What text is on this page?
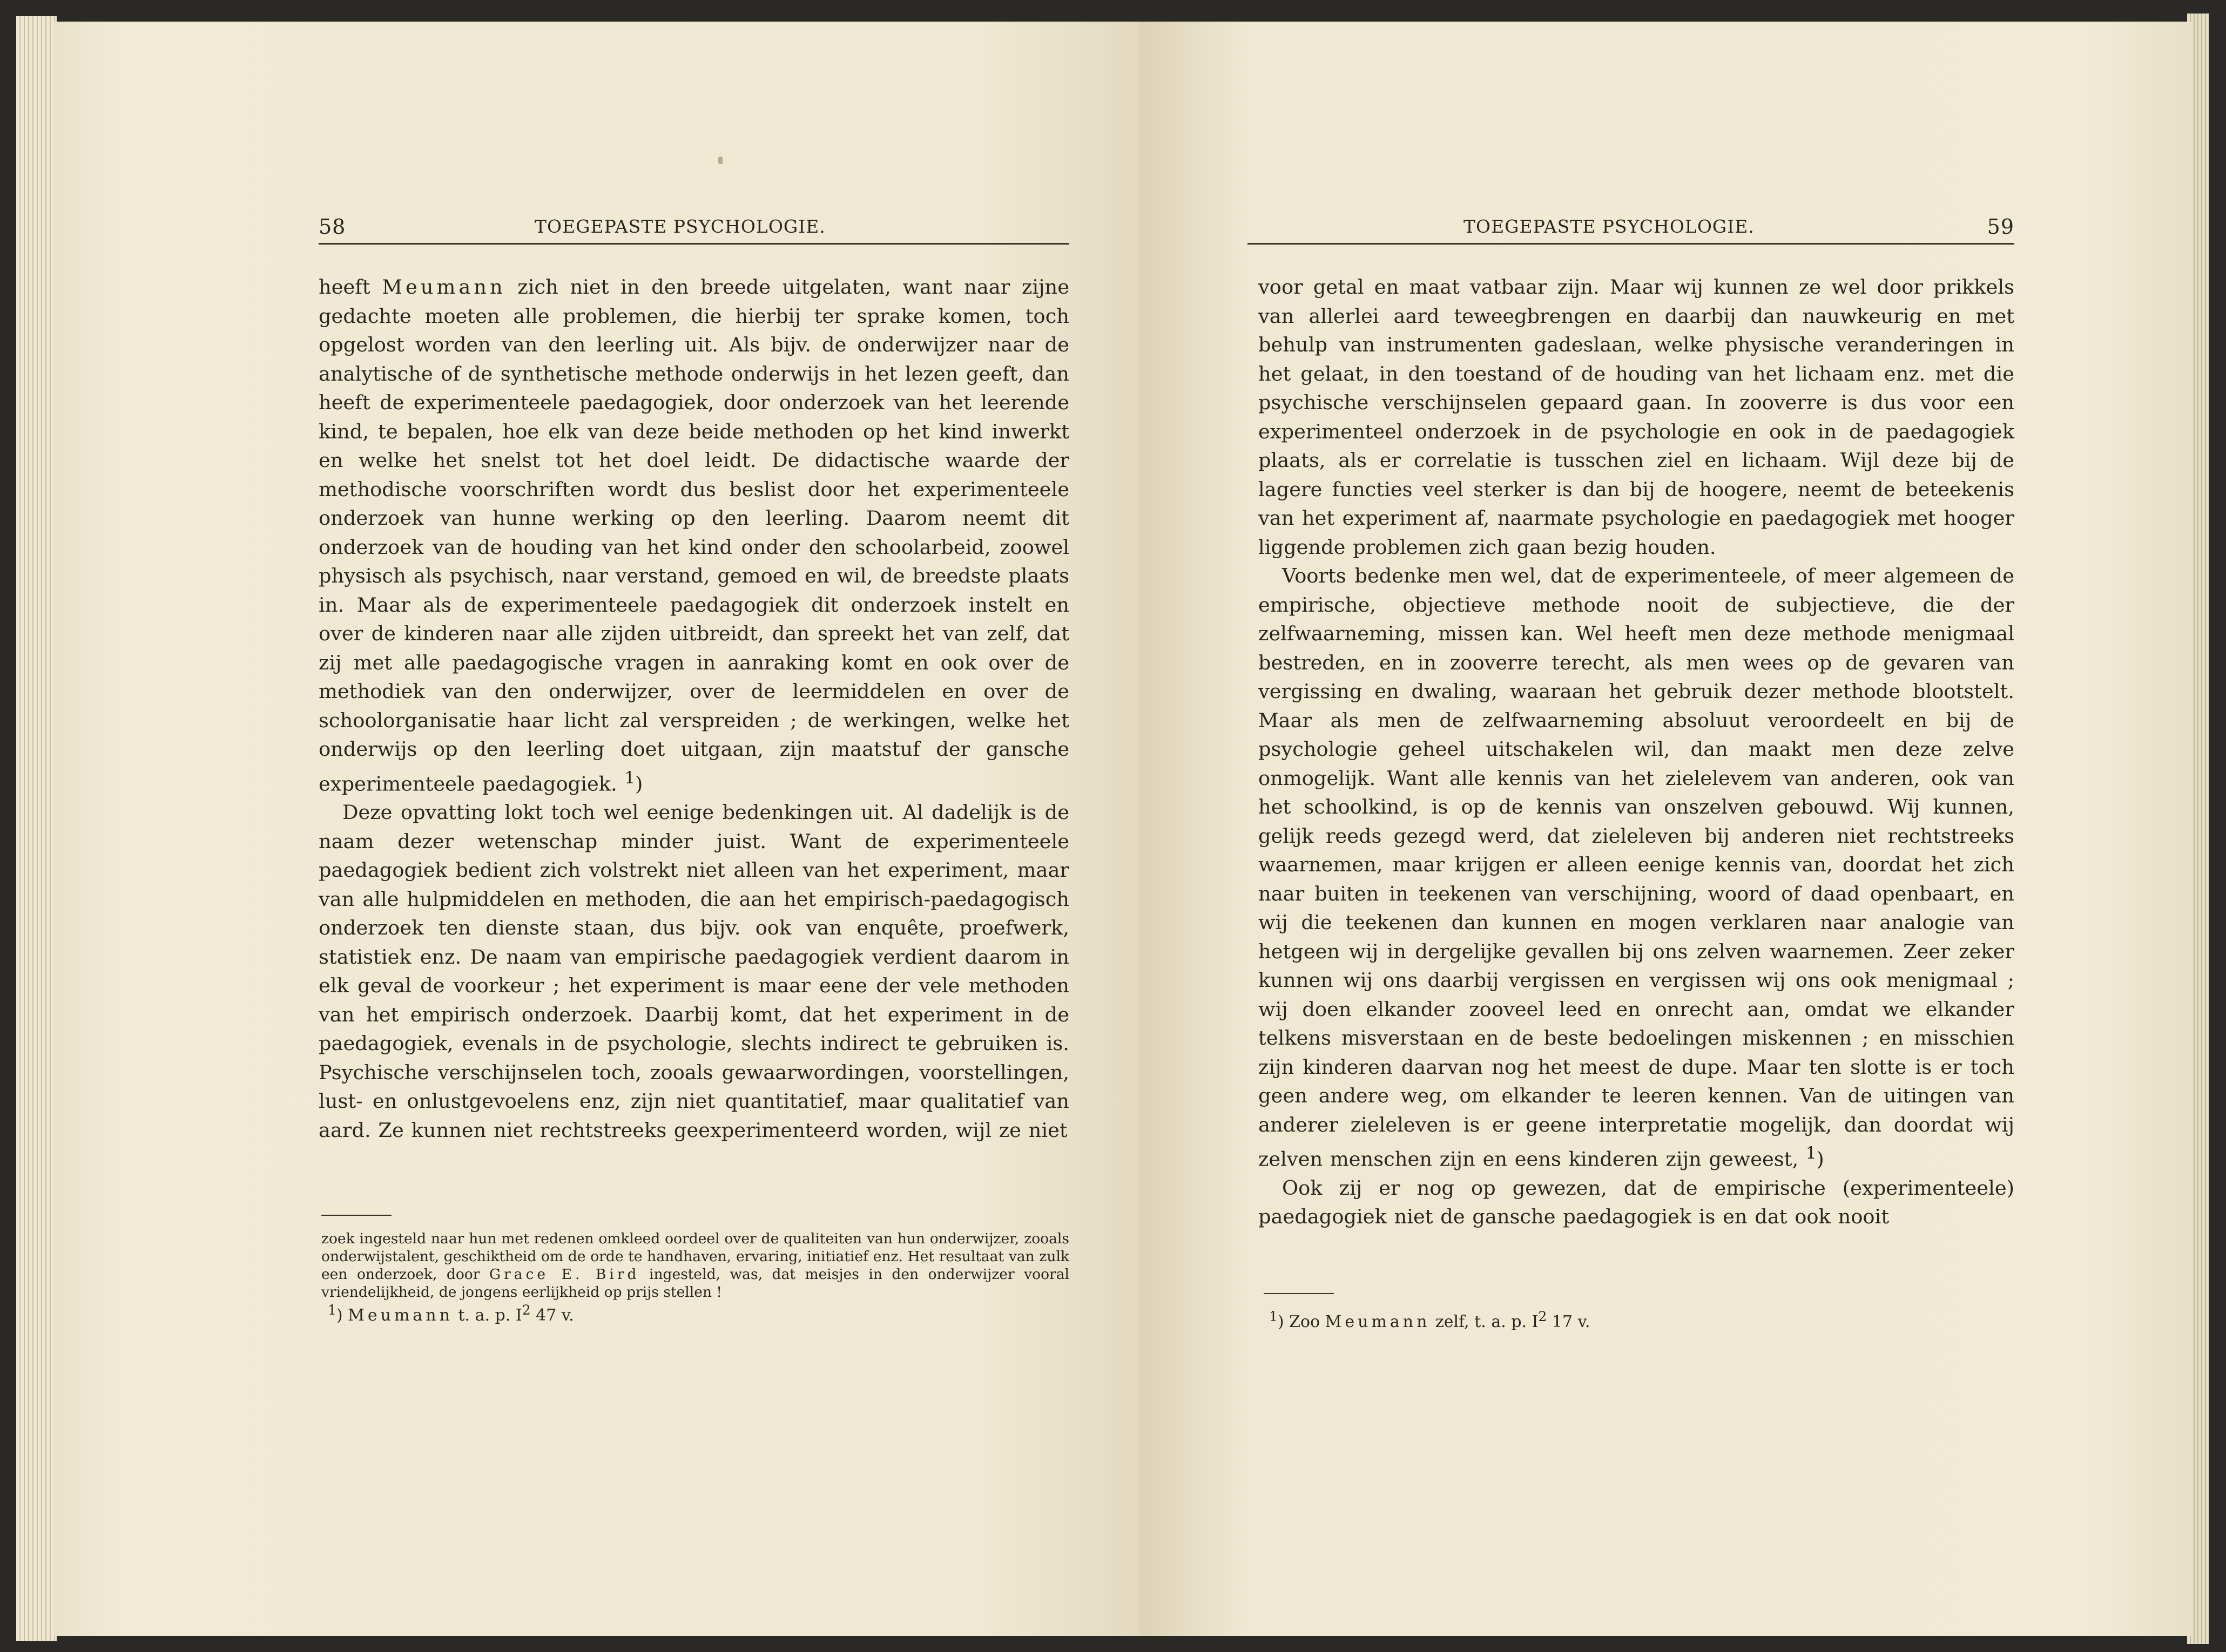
58	TOEGEPASTE PSYCHOLOGIE.

heeft Meumann zich niet in den breede uitgelaten, want naar zijne gedachte moeten alle problemen, die hierbij ter sprake komen, toch opgelost worden van den leerling uit. Als bijv. de onderwijzer naar de analytische of de synthetische methode onderwijs in het lezen geeft, dan heeft de experimenteele paedagogiek, door onderzoek van het leerende kind, te bepalen, hoe elk van deze beide methoden op het kind inwerkt en welke het snelst tot het doel leidt. De didactische waarde der methodische voorschriften wordt dus beslist door het experimenteele onderzoek van hunne werking op den leerling. Daarom neemt dit onderzoek van de houding van het kind onder den schoolarbeid, zoowel physisch als psychisch, naar verstand, gemoed en wil, de breedste plaats in. Maar als de experimenteele paedagogiek dit onderzoek instelt en over de kinderen naar alle zijden uitbreidt, dan spreekt het van zelf, dat zij met alle paedagogische vragen in aanraking komt en ook over de methodiek van den onderwijzer, over de leermiddelen en over de schoolorganisatie haar licht zal verspreiden ; de werkingen, welke het onderwijs op den leerling doet uitgaan, zijn maatstuf der gansche experimenteele paedagogiek. $^1$)

Deze opvatting lokt toch wel eenige bedenkingen uit. Al dadelijk is de naam dezer wetenschap minder juist. Want de experimenteele paedagogiek bedient zich volstrekt niet alleen van het experiment, maar van alle hulpmiddelen en methoden, die aan het empirisch-paedagogisch onderzoek ten dienste staan, dus bijv. ook van enquête, proefwerk, statistiek enz. De naam van empirische paedagogiek verdient daarom in elk geval de voorkeur ; het experiment is maar eene der vele methoden van het empirisch onderzoek. Daarbij komt, dat het experiment in de paedagogiek, evenals in de psychologie, slechts indirect te gebruiken is. Psychische verschijnselen toch, zooals gewaarwordingen, voorstellingen, lust- en onlustgevoelens enz, zijn niet quantitatief, maar qualitatief van aard. Ze kunnen niet rechtstreeks geexperimenteerd worden, wijl ze niet

zoek ingesteld naar hun met redenen omkleed oordeel over de qualiteiten van hun onderwijzer, zooals onderwijstalent, geschiktheid om de orde te handhaven, ervaring, initiatief enz. Het resultaat van zulk een onderzoek, door Grace E. Bird ingesteld, was, dat meisjes in den onderwijzer vooral vriendelijkheid, de jongens eerlijkheid op prijs stellen !

$^1$) Meumann t. a. p. $I^2$ 47 v.

TOEGEPASTE PSYCHOLOGIE.	59

voor getal en maat vatbaar zijn. Maar wij kunnen ze wel door prikkels van allerlei aard teweegbrengen en daarbij dan nauwkeurig en met behulp van instrumenten gadeslaan, welke physische veranderingen in het gelaat, in den toestand of de houding van het lichaam enz. met die psychische verschijnselen gepaard gaan. In zooverre is dus voor een experimenteel onderzoek in de psychologie en ook in de paedagogiek plaats, als er correlatie is tusschen ziel en lichaam. Wijl deze bij de lagere functies veel sterker is dan bij de hoogere, neemt de beteekenis van het experiment af, naarmate psychologie en paedagogiek met hooger liggende problemen zich gaan bezig houden.

Voorts bedenke men wel, dat de experimenteele, of meer algemeen de empirische, objectieve methode nooit de subjectieve, die der zelfwaarneming, missen kan. Wel heeft men deze methode menigmaal bestreden, en in zooverre terecht, als men wees op de gevaren van vergissing en dwaling, waaraan het gebruik dezer methode blootstelt. Maar als men de zelfwaarneming absoluut veroordeelt en bij de psychologie geheel uitschakelen wil, dan maakt men deze zelve onmogelijk. Want alle kennis van het zielelevem van anderen, ook van het schoolkind, is op de kennis van onszelven gebouwd. Wij kunnen, gelijk reeds gezegd werd, dat zieleleven bij anderen niet rechtstreeks waarnemen, maar krijgen er alleen eenige kennis van, doordat het zich naar buiten in teekenen van verschijning, woord of daad openbaart, en wij die teekenen dan kunnen en mogen verklaren naar analogie van hetgeen wij in dergelijke gevallen bij ons zelven waarnemen. Zeer zeker kunnen wij ons daarbij vergissen en vergissen wij ons ook menigmaal ; wij doen elkander zooveel leed en onrecht aan, omdat we elkander telkens misverstaan en de beste bedoelingen miskennen ; en misschien zijn kinderen daarvan nog het meest de dupe. Maar ten slotte is er toch geen andere weg, om elkander te leeren kennen. Van de uitingen van anderer zieleleven is er geene interpretatie mogelijk, dan doordat wij zelven menschen zijn en eens kinderen zijn geweest, $^1$)

Ook zij er nog op gewezen, dat de empirische (experimenteele) paedagogiek niet de gansche paedagogiek is en dat ook nooit

$^1$) Zoo Meumann zelf, t. a. p. $I^2$ 17 v.
